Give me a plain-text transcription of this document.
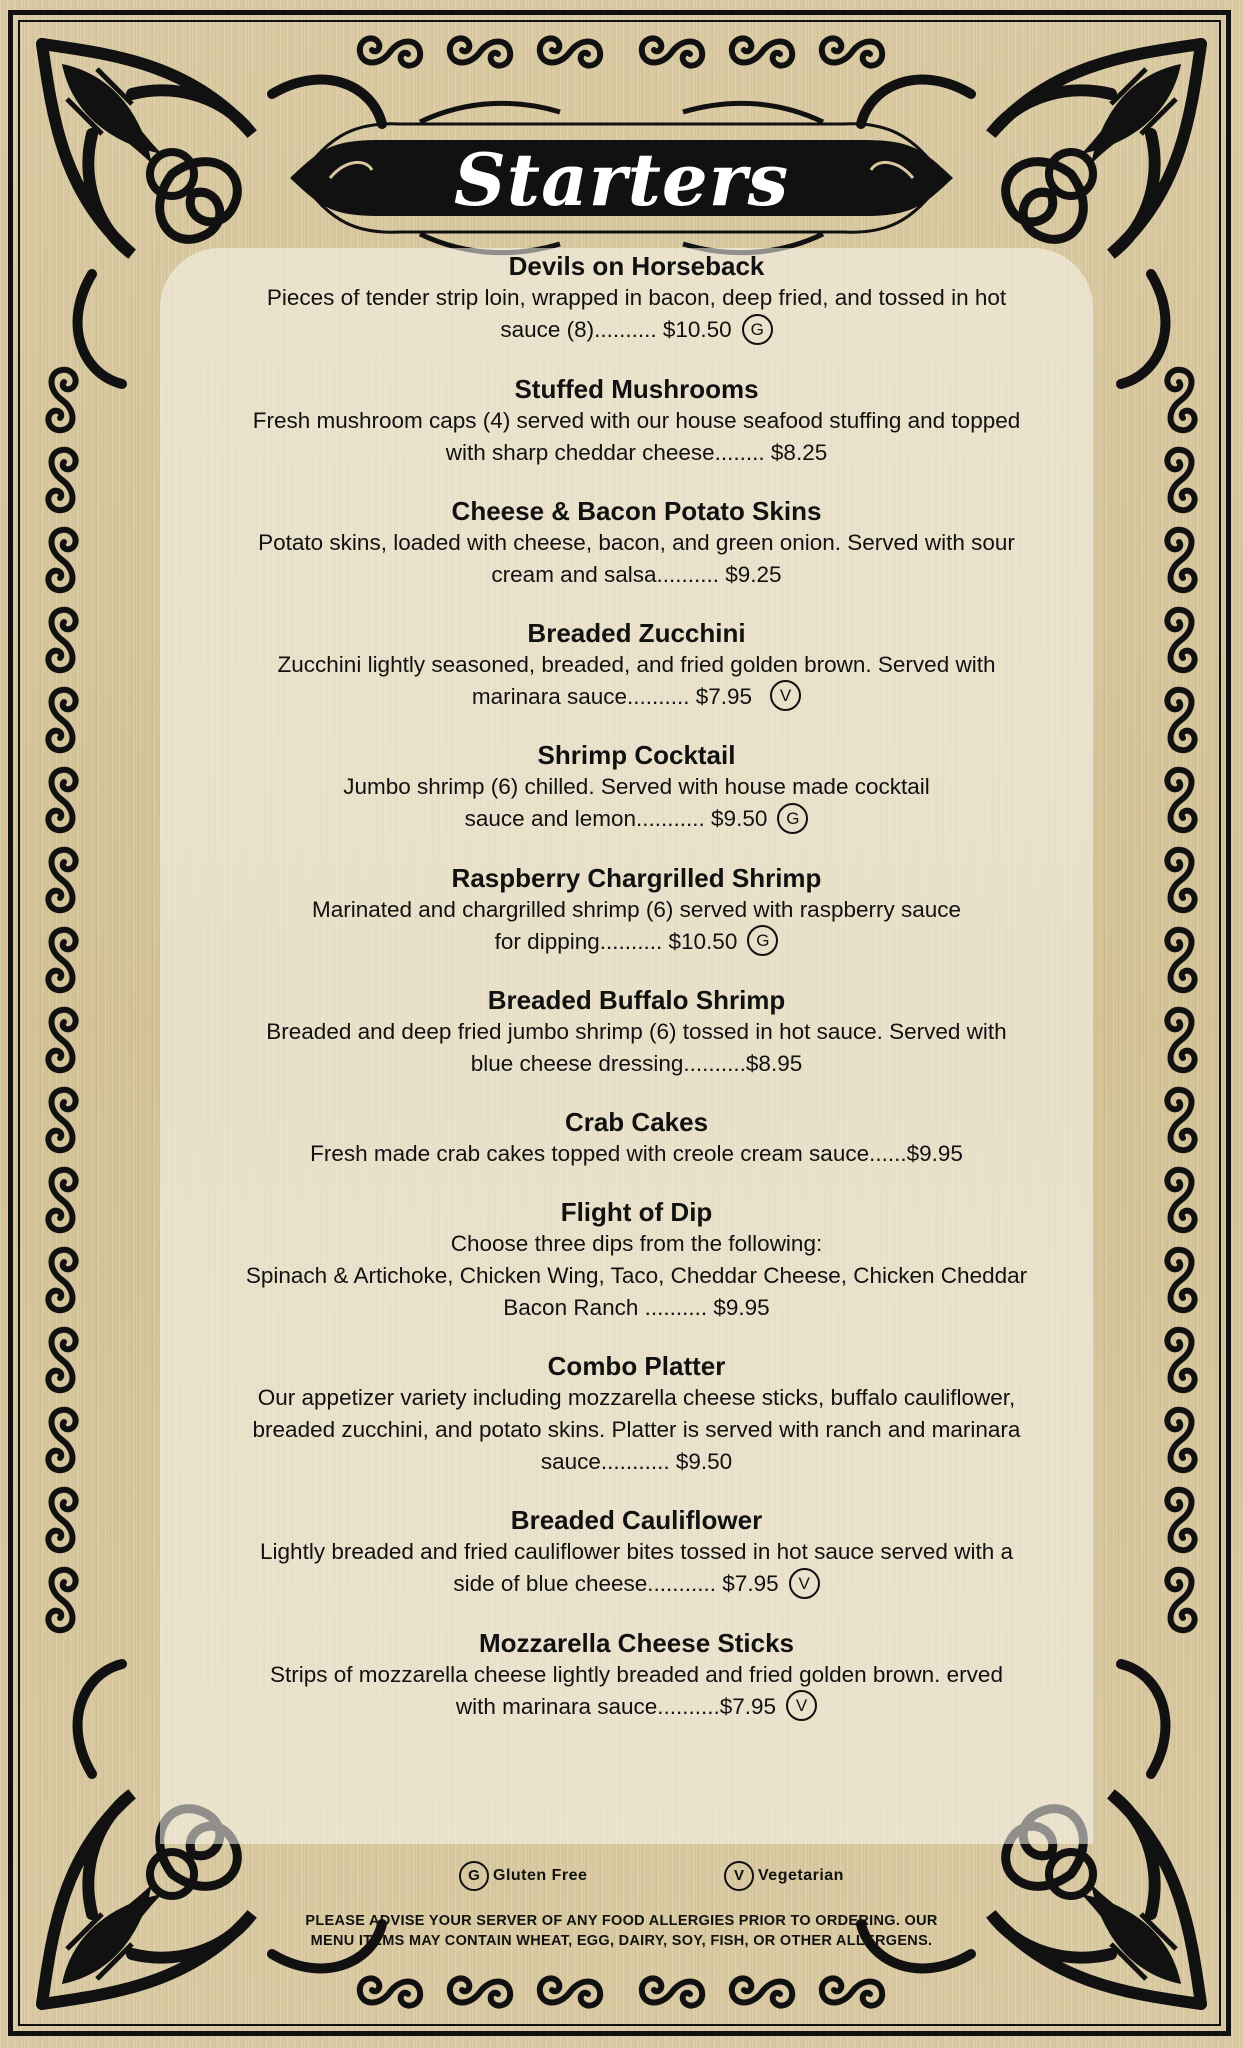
Starters
Devils on Horseback
Pieces of tender strip loin, wrapped in bacon, deep fried, and tossed in hot
sauce (8).......... $10.50 G
Stuffed Mushrooms
Fresh mushroom caps (4) served with our house seafood stuffing and topped
with sharp cheddar cheese........ $8.25
Cheese & Bacon Potato Skins
Potato skins, loaded with cheese, bacon, and green onion. Served with sour
cream and salsa.......... $9.25
Breaded Zucchini
Zucchini lightly seasoned, breaded, and fried golden brown. Served with
marinara sauce.......... $7.95 V
Shrimp Cocktail
Jumbo shrimp (6) chilled. Served with house made cocktail
sauce and lemon........... $9.50 G
Raspberry Chargrilled Shrimp
Marinated and chargrilled shrimp (6) served with raspberry sauce
for dipping.......... $10.50 G
Breaded Buffalo Shrimp
Breaded and deep fried jumbo shrimp (6) tossed in hot sauce. Served with
blue cheese dressing..........$8.95
Crab Cakes
Fresh made crab cakes topped with creole cream sauce......$9.95
Flight of Dip
Choose three dips from the following:
Spinach & Artichoke, Chicken Wing, Taco, Cheddar Cheese, Chicken Cheddar
Bacon Ranch .......... $9.95
Combo Platter
Our appetizer variety including mozzarella cheese sticks, buffalo cauliflower,
breaded zucchini, and potato skins. Platter is served with ranch and marinara
sauce........... $9.50
Breaded Cauliflower
Lightly breaded and fried cauliflower bites tossed in hot sauce served with a
side of blue cheese........... $7.95 V
Mozzarella Cheese Sticks
Strips of mozzarella cheese lightly breaded and fried golden brown. erved
with marinara sauce..........$7.95 V
G Gluten Free	V Vegetarian
PLEASE ADVISE YOUR SERVER OF ANY FOOD ALLERGIES PRIOR TO ORDERING. OUR
MENU ITEMS MAY CONTAIN WHEAT, EGG, DAIRY, SOY, FISH, OR OTHER ALLERGENS.
